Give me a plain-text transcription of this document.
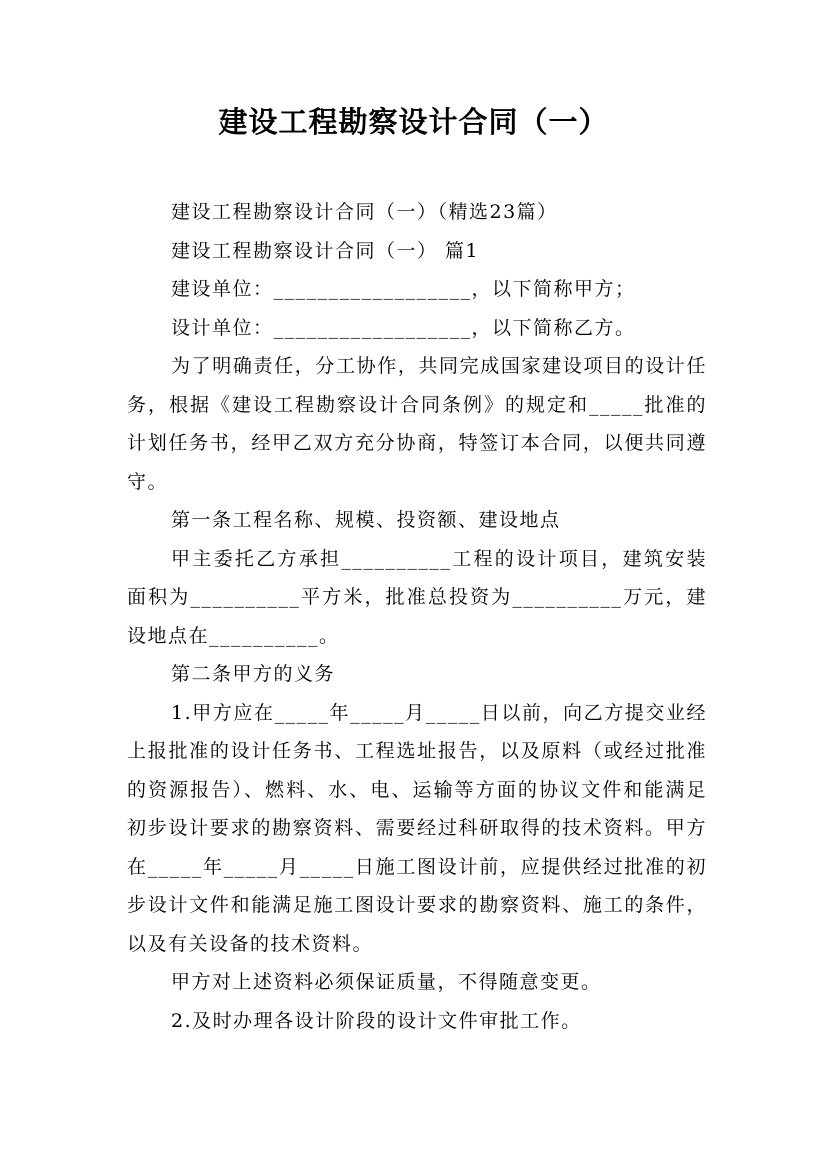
建设工程勘察设计合同（一）

建设工程勘察设计合同（一）（精选23篇）

建设工程勘察设计合同（一） 篇1

建设单位：__________________，以下简称甲方；

设计单位：__________________，以下简称乙方。

为了明确责任，分工协作，共同完成国家建设项目的设计任务，根据《建设工程勘察设计合同条例》的规定和_____批准的计划任务书，经甲乙双方充分协商，特签订本合同，以便共同遵守。

第一条工程名称、规模、投资额、建设地点

甲主委托乙方承担__________工程的设计项目，建筑安装面积为__________平方米，批准总投资为__________万元，建设地点在__________。

第二条甲方的义务

1.甲方应在_____年_____月_____日以前，向乙方提交业经上报批准的设计任务书、工程选址报告，以及原料（或经过批准的资源报告）、燃料、水、电、运输等方面的协议文件和能满足初步设计要求的勘察资料、需要经过科研取得的技术资料。甲方在_____年_____月_____日施工图设计前，应提供经过批准的初步设计文件和能满足施工图设计要求的勘察资料、施工的条件，以及有关设备的技术资料。

甲方对上述资料必须保证质量，不得随意变更。

2.及时办理各设计阶段的设计文件审批工作。
